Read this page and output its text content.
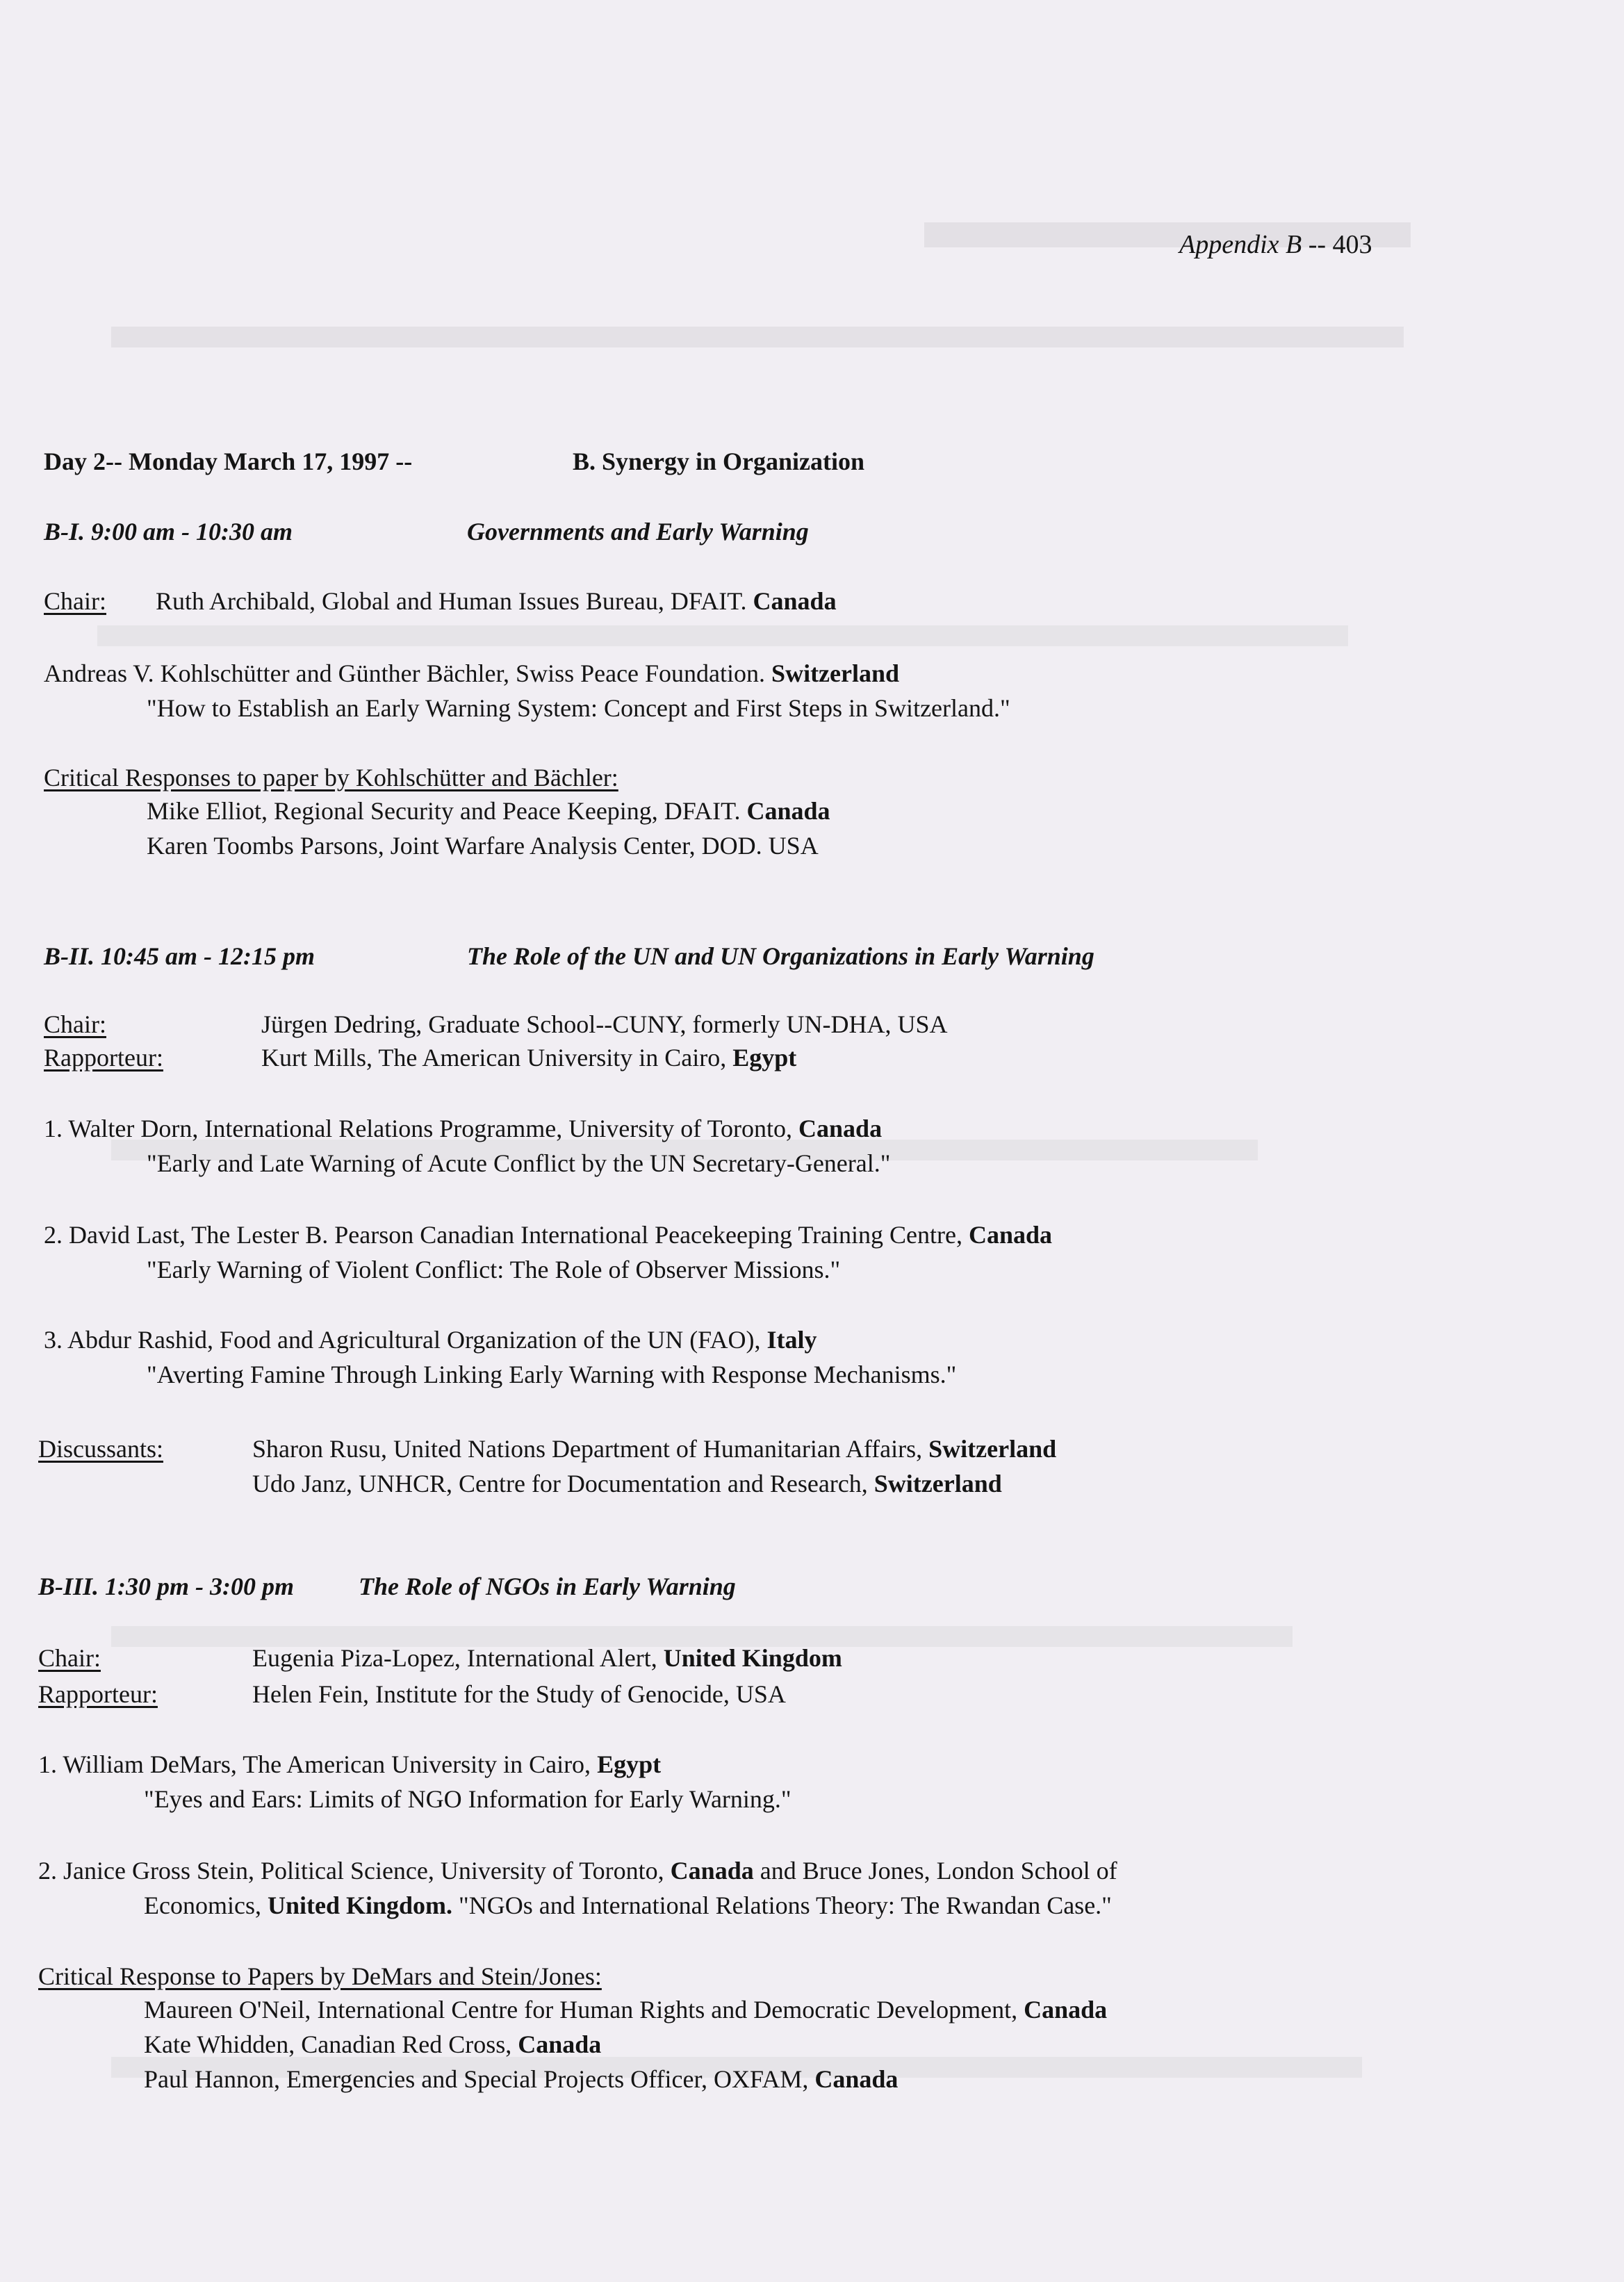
Appendix B -- 403
Day 2-- Monday March 17, 1997 --	B. Synergy in Organization
B-I. 9:00 am - 10:30 am	Governments and Early Warning
Chair: Ruth Archibald, Global and Human Issues Bureau, DFAIT. Canada
Andreas V. Kohlschütter and Günther Bächler, Swiss Peace Foundation. Switzerland
"How to Establish an Early Warning System: Concept and First Steps in Switzerland."
Critical Responses to paper by Kohlschütter and Bächler:
Mike Elliot, Regional Security and Peace Keeping, DFAIT. Canada
Karen Toombs Parsons, Joint Warfare Analysis Center, DOD. USA
B-II. 10:45 am - 12:15 pm	The Role of the UN and UN Organizations in Early Warning
Chair:	Jürgen Dedring, Graduate School--CUNY, formerly UN-DHA, USA
Rapporteur:	Kurt Mills, The American University in Cairo, Egypt
1. Walter Dorn, International Relations Programme, University of Toronto, Canada
"Early and Late Warning of Acute Conflict by the UN Secretary-General."
2. David Last, The Lester B. Pearson Canadian International Peacekeeping Training Centre, Canada
"Early Warning of Violent Conflict: The Role of Observer Missions."
3. Abdur Rashid, Food and Agricultural Organization of the UN (FAO), Italy
"Averting Famine Through Linking Early Warning with Response Mechanisms."
Discussants:	Sharon Rusu, United Nations Department of Humanitarian Affairs, Switzerland
Udo Janz, UNHCR, Centre for Documentation and Research, Switzerland
B-III. 1:30 pm - 3:00 pm	The Role of NGOs in Early Warning
Chair:	Eugenia Piza-Lopez, International Alert, United Kingdom
Rapporteur:	Helen Fein, Institute for the Study of Genocide, USA
1. William DeMars, The American University in Cairo, Egypt
"Eyes and Ears: Limits of NGO Information for Early Warning."
2. Janice Gross Stein, Political Science, University of Toronto, Canada and Bruce Jones, London School of
Economics, United Kingdom. "NGOs and International Relations Theory: The Rwandan Case."
Critical Response to Papers by DeMars and Stein/Jones:
Maureen O'Neil, International Centre for Human Rights and Democratic Development, Canada
Kate Whidden, Canadian Red Cross, Canada
Paul Hannon, Emergencies and Special Projects Officer, OXFAM, Canada
